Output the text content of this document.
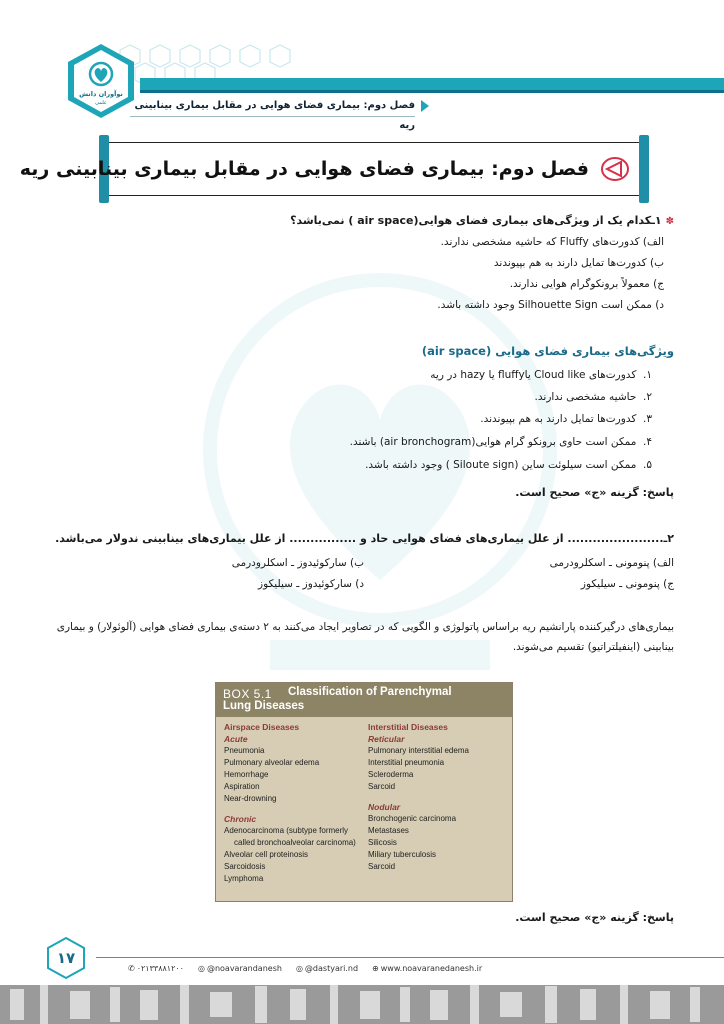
نوآوران دانش
علمی	فصل دوم: بیماری فضای هوایی در مقابل بیماری بینابینی ریه
فصل دوم: بیماری فضای هوایی در مقابل بیماری بینابینی ریه
✽۱ـکدام یک از ویژگی‌های بیماری فضای هوایی(air space ) نمی‌باشد؟
الف) کدورت‌های Fluffy که حاشیه مشخصی ندارند.
ب) کدورت‌ها تمایل دارند به هم بپیوندند
ج) معمولاً برونکوگرام هوایی ندارند.
د) ممکن است Silhouette Sign وجود داشته باشد.
ویژگی‌های بیماری فضای هوایی (air space)
۱.  کدورت‌های Cloud like یاfluffy یا hazy در ریه
۲.  حاشیه مشخصی ندارند.
۳.  کدورت‌ها تمایل دارند به هم بپیوندند.
۴.  ممکن است حاوی برونکو گرام هوایی(air bronchogram) باشند.
۵.  ممکن است سیلوئت ساین (Siloute sign ) وجود داشته باشد.
پاسخ: گزینه «ج» صحیح است.
۲ـ....................... از علل بیماری‌های فضای هوایی حاد و ................ از علل بیماری‌های بینابینی ندولار می‌باشد.
الف) پنومونی ـ اسکلرودرمی
ب) سارکوئیدوز ـ اسکلرودرمی
ج) پنومونی ـ سیلیکوز
د) سارکوئیدوز ـ سیلیکوز
بیماری‌های درگیرکننده پارانشیم ریه براساس پاتولوژی و الگویی که در تصاویر ایجاد می‌کنند به ۲ دسته‌ی بیماری فضای هوایی (آلوئولار) و بیماری بینابینی (اینفیلتراتیو) تقسیم می‌شوند.
BOX 5.1 Classification of Parenchymal
Lung Diseases
Airspace Diseases
Acute
Pneumonia
Pulmonary alveolar edema
Hemorrhage
Aspiration
Near-drowning
Chronic
Adenocarcinoma (subtype formerly
called bronchoalveolar carcinoma)
Alveolar cell proteinosis
Sarcoidosis
Lymphoma
Interstitial Diseases
Reticular
Pulmonary interstitial edema
Interstitial pneumonia
Scleroderma
Sarcoid
Nodular
Bronchogenic carcinoma
Metastases
Silicosis
Miliary tuberculosis
Sarcoid
پاسخ: گزینه «ج» صحیح است.
۱۷
✆ ۰۲۱۳۳۸۸۱۲۰۰ ◎ @noavarandanesh ◎ @dastyari.nd ⊕ www.noavaranedanesh.ir
